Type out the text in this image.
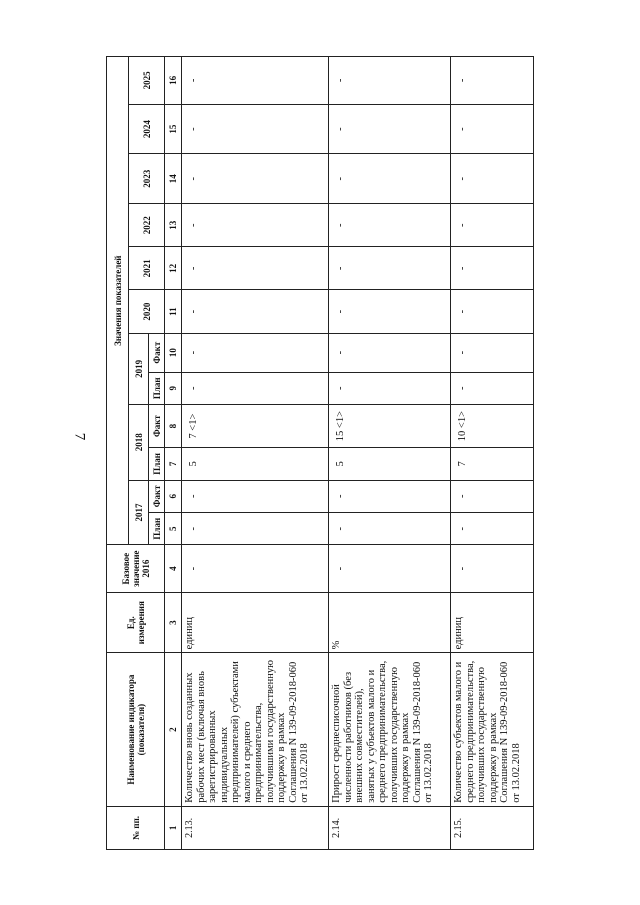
7
№ пп.	Наименование индикатора (показателя)	Ед. измерения	Базовое значение 2016	Значения показателей											
				2017		2018		2019		2020	2021	2022	2023	2024	2025
				План	Факт	План	Факт	План	Факт						
1	2	3	4	5	6	7	8	9	10	11	12	13	14	15	16
2.13.	Количество вновь созданных рабочих мест (включая вновь зарегистрированных индивидуальных предпринимателей) субъектами малого и среднего предпринимательства, получившими государственную поддержку в рамках Соглашения N 139-09-2018-060 от 13.02.2018	единиц	-	-	-	5	7 <1>	-	-	-	-	-	-	-	-
2.14.	Прирост среднесписочной численности работников (без внешних совместителей), занятых у субъектов малого и среднего предпринимательства, получивших государственную поддержку в рамках Соглашения N 139-09-2018-060 от 13.02.2018	%	-	-	-	5	15 <1>	-	-	-	-	-	-	-	-
2.15.	Количество субъектов малого и среднего предпринимательства, получивших государственную поддержку в рамках Соглашения N 139-09-2018-060 от 13.02.2018	единиц	-	-	-	7	10 <1>	-	-	-	-	-	-	-	-
